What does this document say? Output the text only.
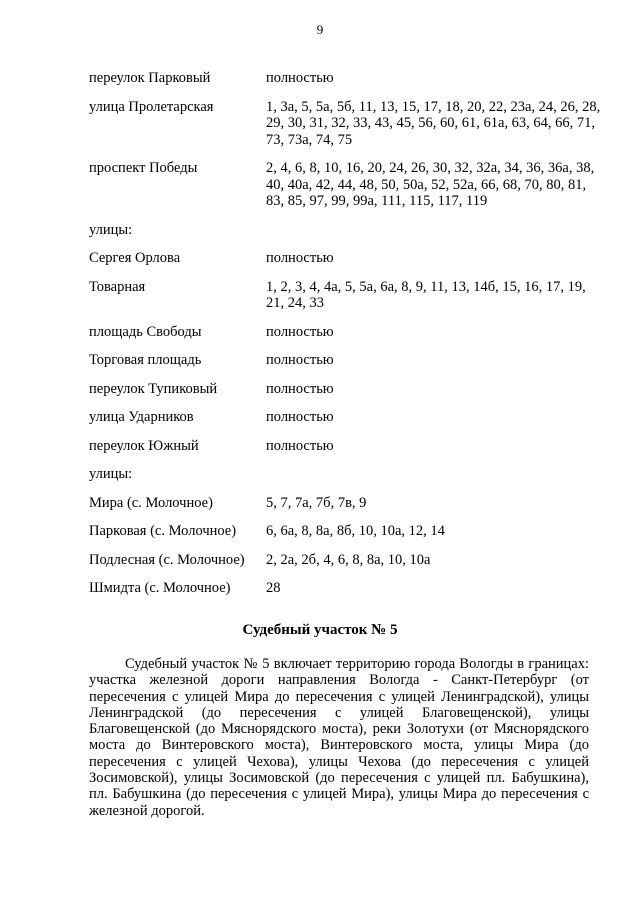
9
переулок Парковый	полностью
улица Пролетарская	1, 3а, 5, 5а, 5б, 11, 13, 15, 17, 18, 20, 22, 23а, 24, 26, 28, 29, 30, 31, 32, 33, 43, 45, 56, 60, 61, 61а, 63, 64, 66, 71, 73, 73а, 74, 75
проспект Победы	2, 4, 6, 8, 10, 16, 20, 24, 26, 30, 32, 32а, 34, 36, 36а, 38, 40, 40а, 42, 44, 48, 50, 50а, 52, 52а, 66, 68, 70, 80, 81, 83, 85, 97, 99, 99а, 111, 115, 117, 119
улицы:
Сергея Орлова	полностью
Товарная	1, 2, 3, 4, 4а, 5, 5а, 6а, 8, 9, 11, 13, 14б, 15, 16, 17, 19, 21, 24, 33
площадь Свободы	полностью
Торговая площадь	полностью
переулок Тупиковый	полностью
улица Ударников	полностью
переулок Южный	полностью
улицы:
Мира (с. Молочное)	5, 7, 7а, 7б, 7в, 9
Парковая (с. Молочное)	6, 6а, 8, 8а, 8б, 10, 10а, 12, 14
Подлесная (с. Молочное)	2, 2а, 2б, 4, 6, 8, 8а, 10, 10а
Шмидта (с. Молочное)	28
Судебный участок № 5
Судебный участок № 5 включает территорию города Вологды в границах: участка железной дороги направления Вологда - Санкт-Петербург (от пересечения с улицей Мира до пересечения с улицей Ленинградской), улицы Ленинградской (до пересечения с улицей Благовещенской), улицы Благовещенской (до Мяснорядского моста), реки Золотухи (от Мяснорядского моста до Винтеровского моста), Винтеровского моста, улицы Мира (до пересечения с улицей Чехова), улицы Чехова (до пересечения с улицей Зосимовской), улицы Зосимовской (до пересечения с улицей пл. Бабушкина), пл. Бабушкина (до пересечения с улицей Мира), улицы Мира до пересечения с железной дорогой.
